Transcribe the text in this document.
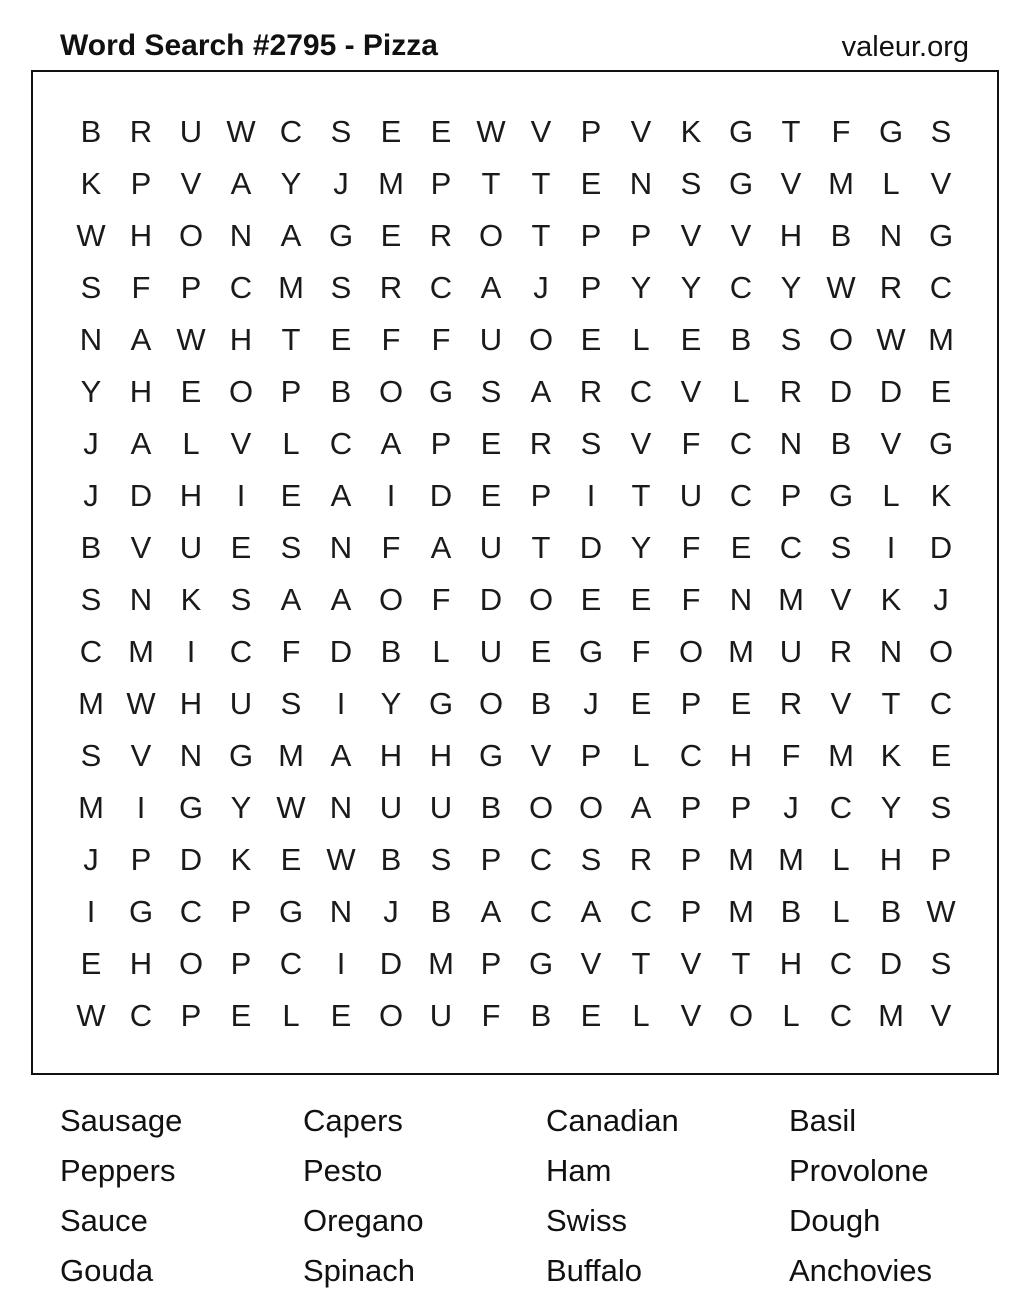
Word Search #2795 - Pizza	valeur.org
B R U W C S E E W V P V K G T	F G S
K P V A Y	J M P T	T E N S G V M L	V
W H O N A G E R O T P P V V H B N G
S F P C M S R C A	J	P Y Y C Y W R C
N A W H T E F	F U O E	L	E B S O W M
Y H E O P B O G S A R C V	L R D D E
J	A	L	V	L C A P E R S V F C N B V G
J	D H	I	E A	I	D E P	I	T U C P G L	K
B V U E S N F A U T D Y F E C S	I	D
S N K S A A O F D O E E F N M V K	J
C M	I	C F D B	L U E G F O M U R N O
M W H U S	I	Y G O B	J	E P E R V T C
S V N G M A H H G V P	L C H F M K E
M	I	G Y W N U U B O O A P P	J	C Y S
J	P D K E W B S P C S R P M M L H P
I	G C P G N	J	B A C A C P M B	L	B W
E H O P C	I	D M P G V T V T H C D S
W C P E	L	E O U F B E	L	V O L C M V
Sausage	Capers	Canadian	Basil
Peppers	Pesto	Ham	Provolone
Sauce	Oregano	Swiss	Dough
Gouda	Spinach	Buffalo	Anchovies
